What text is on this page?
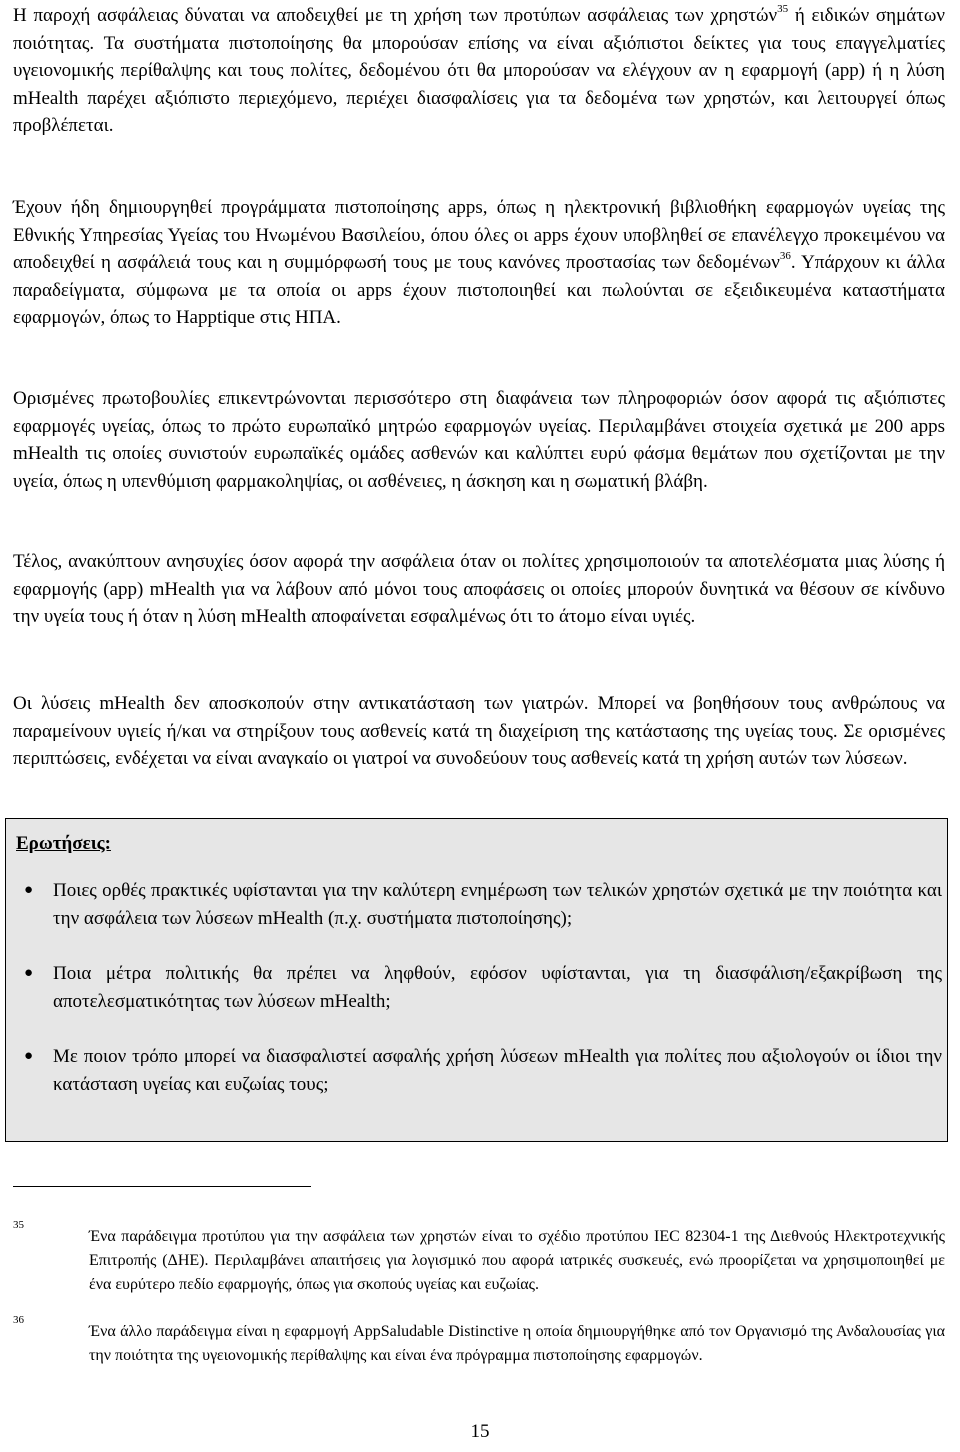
Η παροχή ασφάλειας δύναται να αποδειχθεί με τη χρήση των προτύπων ασφάλειας των χρηστών$^{35}$ ή ειδικών σημάτων ποιότητας. Τα συστήματα πιστοποίησης θα μπορούσαν επίσης να είναι αξιόπιστοι δείκτες για τους επαγγελματίες υγειονομικής περίθαλψης και τους πολίτες, δεδομένου ότι θα μπορούσαν να ελέγχουν αν η εφαρμογή (app) ή η λύση mHealth παρέχει αξιόπιστο περιεχόμενο, περιέχει διασφαλίσεις για τα δεδομένα των χρηστών, και λειτουργεί όπως προβλέπεται.

Έχουν ήδη δημιουργηθεί προγράμματα πιστοποίησης apps, όπως η ηλεκτρονική βιβλιοθήκη εφαρμογών υγείας της Εθνικής Υπηρεσίας Υγείας του Ηνωμένου Βασιλείου, όπου όλες οι apps έχουν υποβληθεί σε επανέλεγχο προκειμένου να αποδειχθεί η ασφάλειά τους και η συμμόρφωσή τους με τους κανόνες προστασίας των δεδομένων$^{36}$. Υπάρχουν κι άλλα παραδείγματα, σύμφωνα με τα οποία οι apps έχουν πιστοποιηθεί και πωλούνται σε εξειδικευμένα καταστήματα εφαρμογών, όπως το Happtique στις ΗΠΑ.

Ορισμένες πρωτοβουλίες επικεντρώνονται περισσότερο στη διαφάνεια των πληροφοριών όσον αφορά τις αξιόπιστες εφαρμογές υγείας, όπως το πρώτο ευρωπαϊκό μητρώο εφαρμογών υγείας. Περιλαμβάνει στοιχεία σχετικά με 200 apps mHealth τις οποίες συνιστούν ευρωπαϊκές ομάδες ασθενών και καλύπτει ευρύ φάσμα θεμάτων που σχετίζονται με την υγεία, όπως η υπενθύμιση φαρμακοληψίας, οι ασθένειες, η άσκηση και η σωματική βλάβη.

Τέλος, ανακύπτουν ανησυχίες όσον αφορά την ασφάλεια όταν οι πολίτες χρησιμοποιούν τα αποτελέσματα μιας λύσης ή εφαρμογής (app) mHealth για να λάβουν από μόνοι τους αποφάσεις οι οποίες μπορούν δυνητικά να θέσουν σε κίνδυνο την υγεία τους ή όταν η λύση mHealth αποφαίνεται εσφαλμένως ότι το άτομο είναι υγιές.

Οι λύσεις mHealth δεν αποσκοπούν στην αντικατάσταση των γιατρών. Μπορεί να βοηθήσουν τους ανθρώπους να παραμείνουν υγιείς ή/και να στηρίξουν τους ασθενείς κατά τη διαχείριση της κατάστασης της υγείας τους. Σε ορισμένες περιπτώσεις, ενδέχεται να είναι αναγκαίο οι γιατροί να συνοδεύουν τους ασθενείς κατά τη χρήση αυτών των λύσεων.

Ερωτήσεις:
● Ποιες ορθές πρακτικές υφίστανται για την καλύτερη ενημέρωση των τελικών χρηστών σχετικά με την ποιότητα και την ασφάλεια των λύσεων mHealth (π.χ. συστήματα πιστοποίησης);
● Ποια μέτρα πολιτικής θα πρέπει να ληφθούν, εφόσον υφίστανται, για τη διασφάλιση/εξακρίβωση της αποτελεσματικότητας των λύσεων mHealth;
● Με ποιον τρόπο μπορεί να διασφαλιστεί ασφαλής χρήση λύσεων mHealth για πολίτες που αξιολογούν οι ίδιοι την κατάσταση υγείας και ευζωίας τους;
35
Ένα παράδειγμα προτύπου για την ασφάλεια των χρηστών είναι το σχέδιο προτύπου IEC 82304-1 της Διεθνούς Ηλεκτροτεχνικής Επιτροπής (ΔΗΕ). Περιλαμβάνει απαιτήσεις για λογισμικό που αφορά ιατρικές συσκευές, ενώ προορίζεται να χρησιμοποιηθεί με ένα ευρύτερο πεδίο εφαρμογής, όπως για σκοπούς υγείας και ευζωίας.
36
Ένα άλλο παράδειγμα είναι η εφαρμογή AppSaludable Distinctive η οποία δημιουργήθηκε από τον Οργανισμό της Ανδαλουσίας για την ποιότητα της υγειονομικής περίθαλψης και είναι ένα πρόγραμμα πιστοποίησης εφαρμογών.
15
